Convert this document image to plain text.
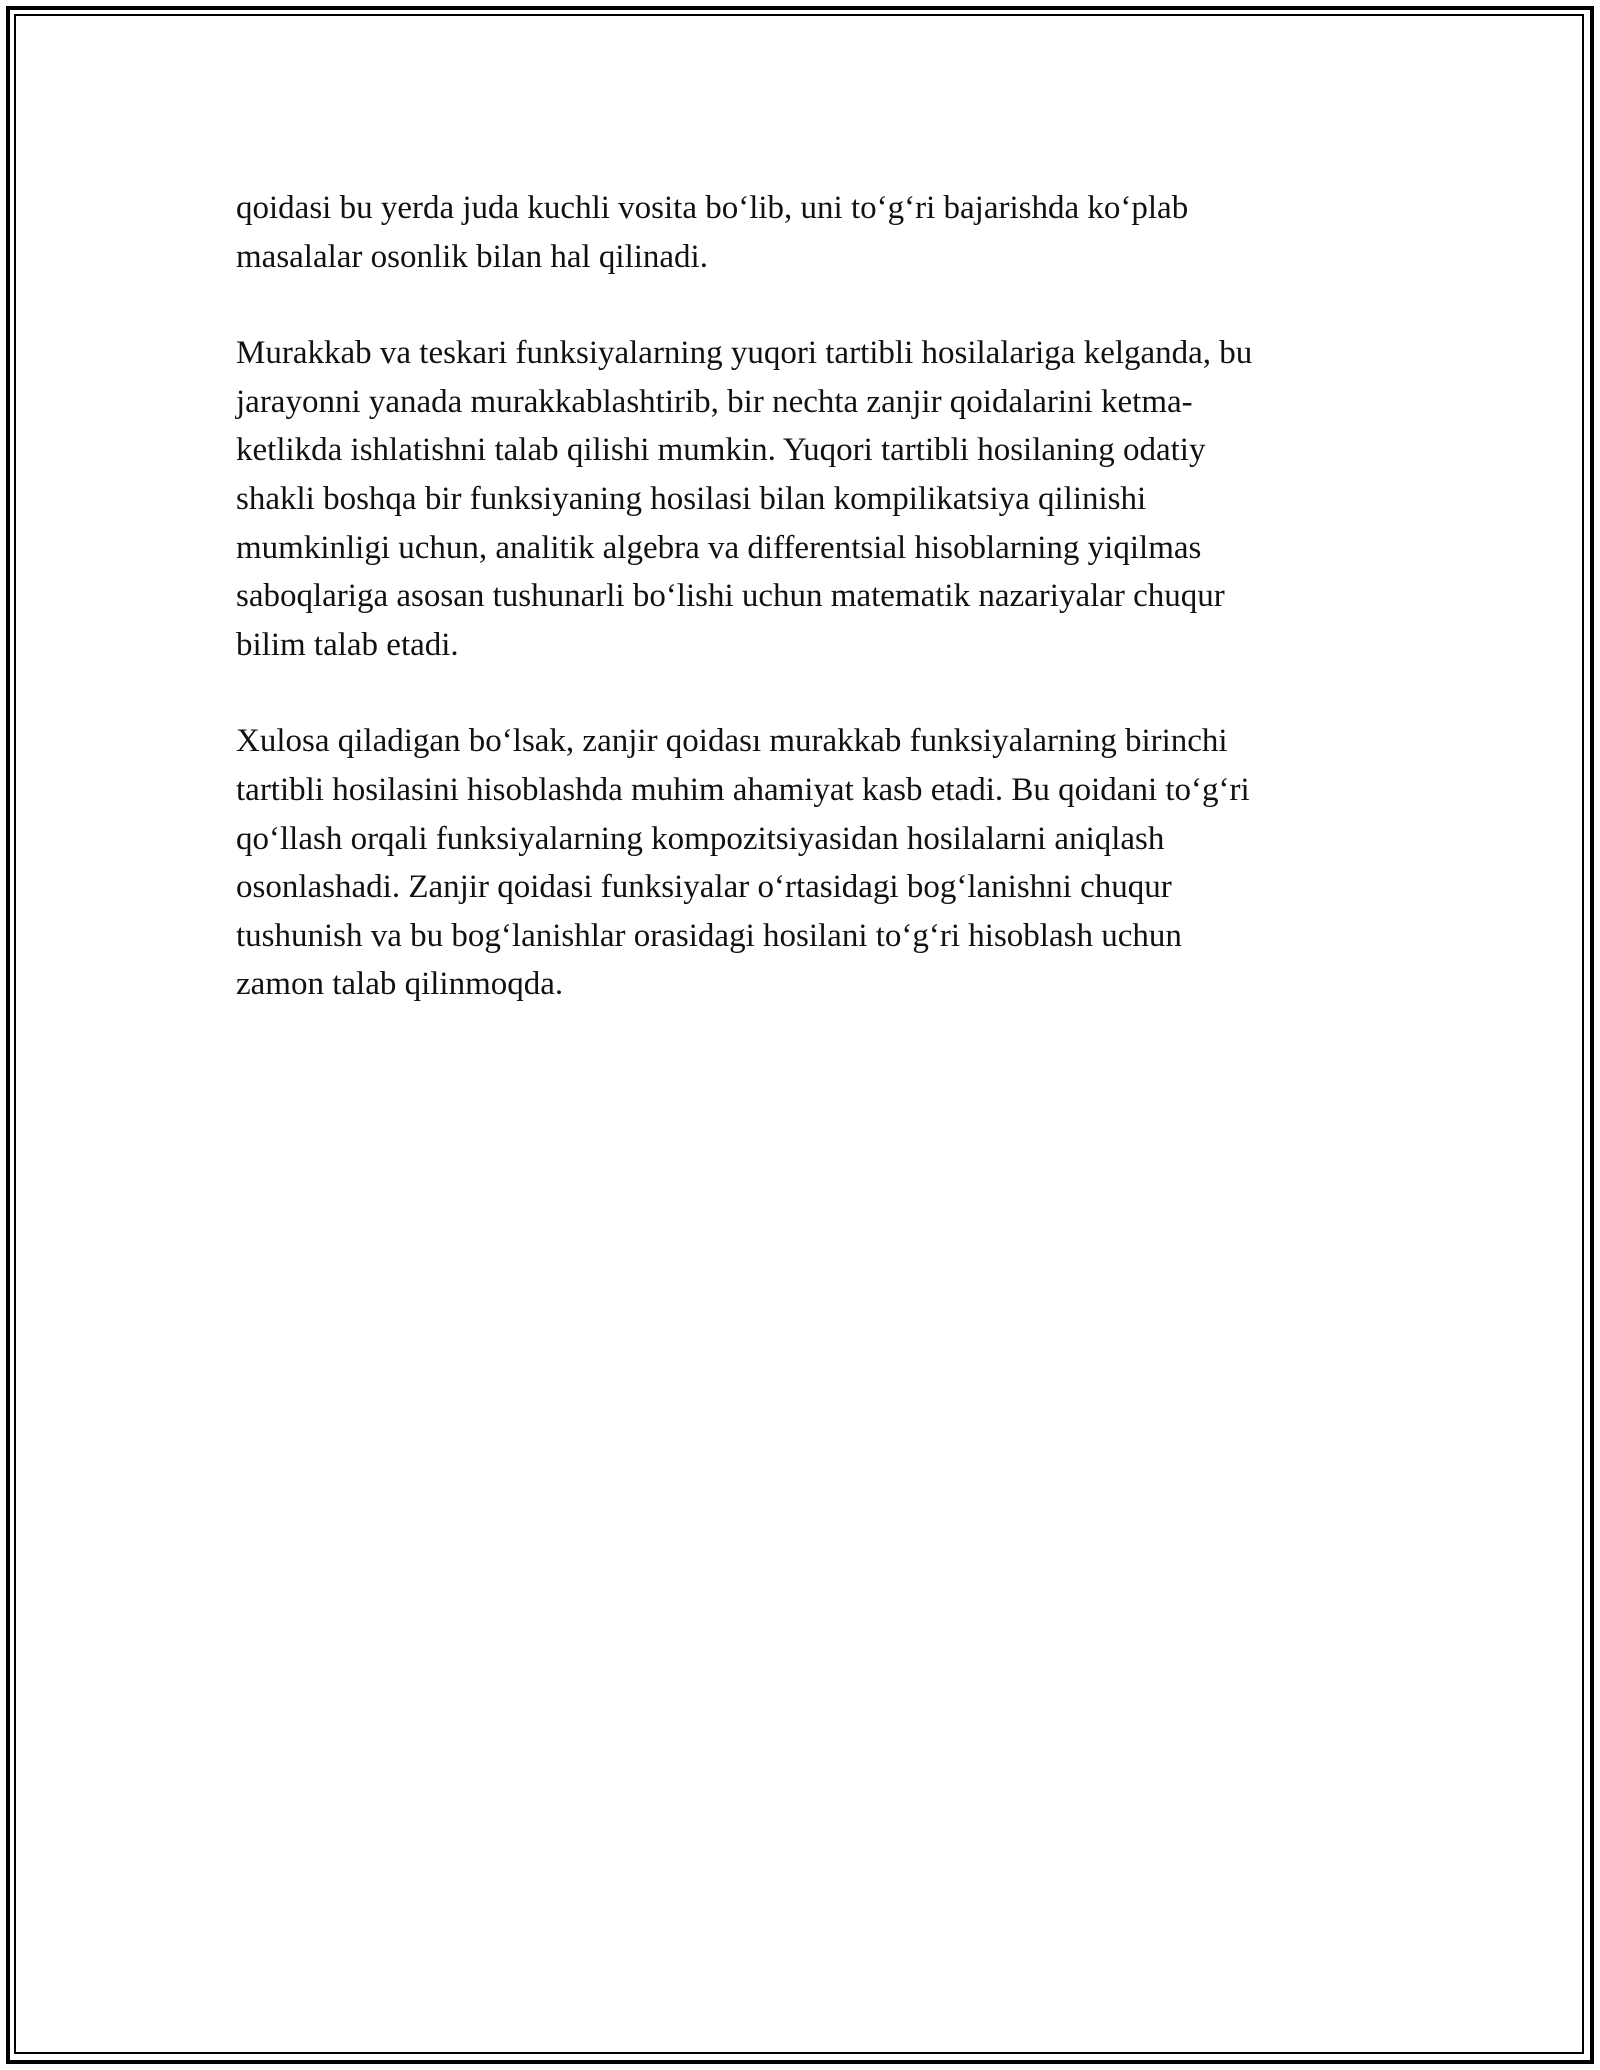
qoidasi bu yerda juda kuchli vosita bo‘lib, uni to‘g‘ri bajarishda ko‘plab
masalalar osonlik bilan hal qilinadi.

Murakkab va teskari funksiyalarning yuqori tartibli hosilalariga kelganda, bu
jarayonni yanada murakkablashtirib, bir nechta zanjir qoidalarini ketma-
ketlikda ishlatishni talab qilishi mumkin. Yuqori tartibli hosilaning odatiy
shakli boshqa bir funksiyaning hosilasi bilan kompilikatsiya qilinishi
mumkinligi uchun, analitik algebra va differentsial hisoblarning yiqilmas
saboqlariga asosan tushunarli bo‘lishi uchun matematik nazariyalar chuqur
bilim talab etadi.

Xulosa qiladigan bo‘lsak, zanjir qoidası murakkab funksiyalarning birinchi
tartibli hosilasini hisoblashda muhim ahamiyat kasb etadi. Bu qoidani to‘g‘ri
qo‘llash orqali funksiyalarning kompozitsiyasidan hosilalarni aniqlash
osonlashadi. Zanjir qoidasi funksiyalar o‘rtasidagi bog‘lanishni chuqur
tushunish va bu bog‘lanishlar orasidagi hosilani to‘g‘ri hisoblash uchun
zamon talab qilinmoqda.
